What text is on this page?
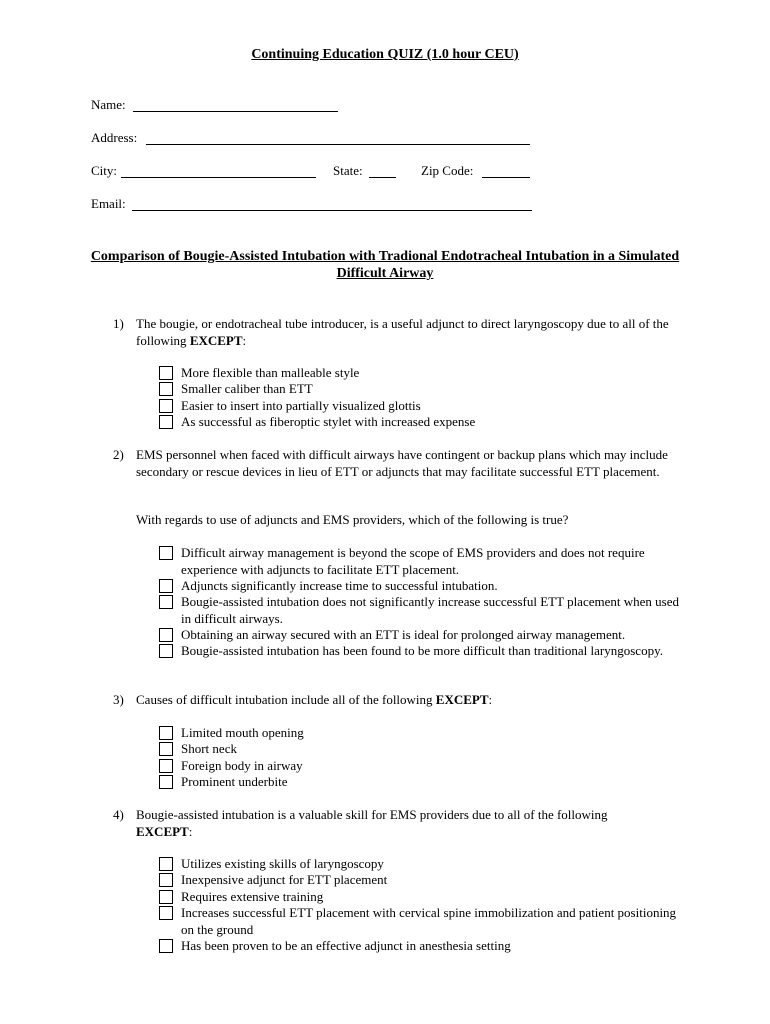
Continuing Education QUIZ (1.0 hour CEU)
Name:
Address:
City:	State:	Zip Code:
Email:
Comparison of Bougie-Assisted Intubation with Tradional Endotracheal Intubation in a Simulated Difficult Airway
1) The bougie, or endotracheal tube introducer, is a useful adjunct to direct laryngoscopy due to all of the following EXCEPT:
More flexible than malleable style
Smaller caliber than ETT
Easier to insert into partially visualized glottis
As successful as fiberoptic stylet with increased expense
2) EMS personnel when faced with difficult airways have contingent or backup plans which may include secondary or rescue devices in lieu of ETT or adjuncts that may facilitate successful ETT placement.
With regards to use of adjuncts and EMS providers, which of the following is true?
Difficult airway management is beyond the scope of EMS providers and does not require experience with adjuncts to facilitate ETT placement.
Adjuncts significantly increase time to successful intubation.
Bougie-assisted intubation does not significantly increase successful ETT placement when used in difficult airways.
Obtaining an airway secured with an ETT is ideal for prolonged airway management.
Bougie-assisted intubation has been found to be more difficult than traditional laryngoscopy.
3) Causes of difficult intubation include all of the following EXCEPT:
Limited mouth opening
Short neck
Foreign body in airway
Prominent underbite
4) Bougie-assisted intubation is a valuable skill for EMS providers due to all of the following EXCEPT:
Utilizes existing skills of laryngoscopy
Inexpensive adjunct for ETT placement
Requires extensive training
Increases successful ETT placement with cervical spine immobilization and patient positioning on the ground
Has been proven to be an effective adjunct in anesthesia setting
